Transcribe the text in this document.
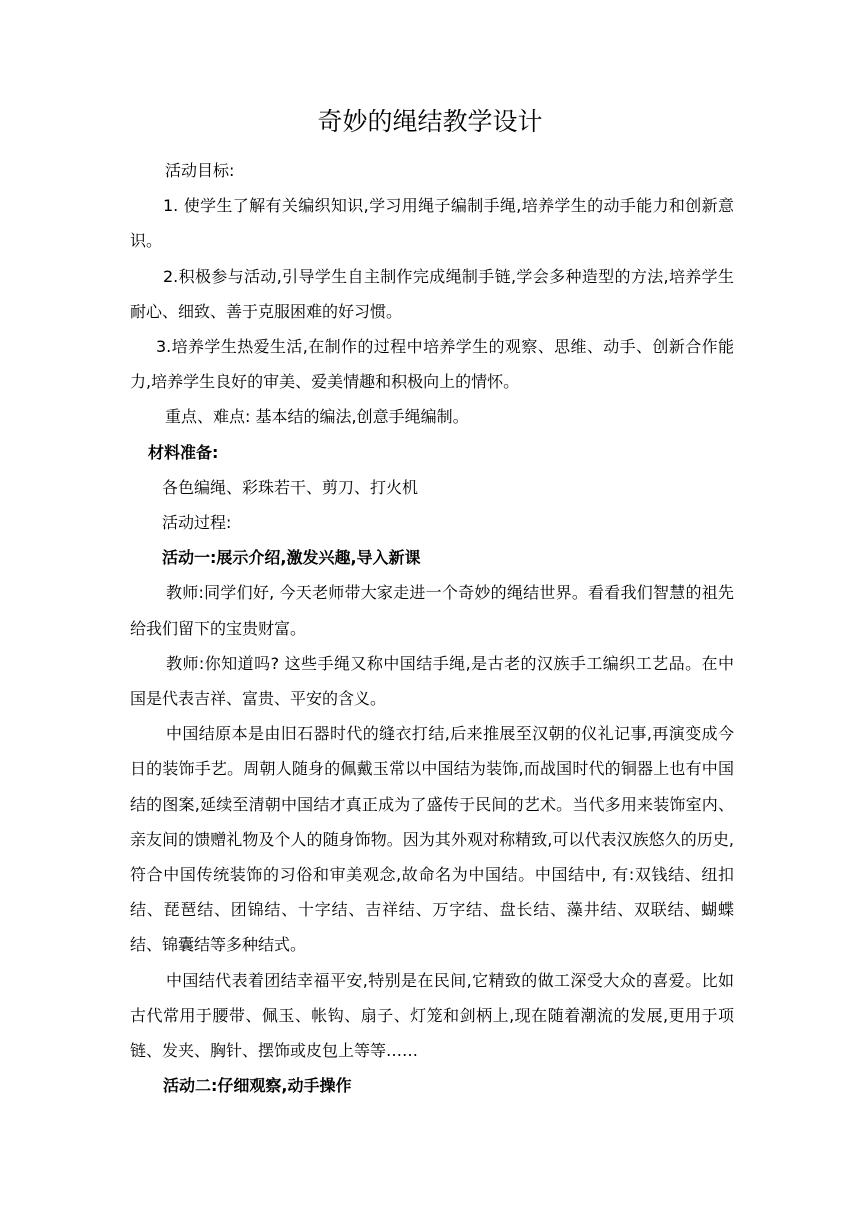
奇妙的绳结教学设计

活动目标:

1. 使学生了解有关编织知识,学习用绳子编制手绳,培养学生的动手能力和创新意识。

2.积极参与活动,引导学生自主制作完成绳制手链,学会多种造型的方法,培养学生耐心、细致、善于克服困难的好习惯。

3.培养学生热爱生活,在制作的过程中培养学生的观察、思维、动手、创新合作能力,培养学生良好的审美、爱美情趣和积极向上的情怀。

重点、难点: 基本结的编法,创意手绳编制。

材料准备:

各色编绳、彩珠若干、剪刀、打火机

活动过程:

活动一:展示介绍,激发兴趣,导入新课

教师:同学们好, 今天老师带大家走进一个奇妙的绳结世界。看看我们智慧的祖先给我们留下的宝贵财富。

教师:你知道吗? 这些手绳又称中国结手绳,是古老的汉族手工编织工艺品。在中国是代表吉祥、富贵、平安的含义。

中国结原本是由旧石器时代的缝衣打结,后来推展至汉朝的仪礼记事,再演变成今日的装饰手艺。周朝人随身的佩戴玉常以中国结为装饰,而战国时代的铜器上也有中国结的图案,延续至清朝中国结才真正成为了盛传于民间的艺术。当代多用来装饰室内、亲友间的馈赠礼物及个人的随身饰物。因为其外观对称精致,可以代表汉族悠久的历史,符合中国传统装饰的习俗和审美观念,故命名为中国结。中国结中, 有:双钱结、纽扣结、琵琶结、团锦结、十字结、吉祥结、万字结、盘长结、藻井结、双联结、蝴蝶结、锦囊结等多种结式。

中国结代表着团结幸福平安,特别是在民间,它精致的做工深受大众的喜爱。比如古代常用于腰带、佩玉、帐钩、扇子、灯笼和剑柄上,现在随着潮流的发展,更用于项链、发夹、胸针、摆饰或皮包上等等……

活动二:仔细观察,动手操作
